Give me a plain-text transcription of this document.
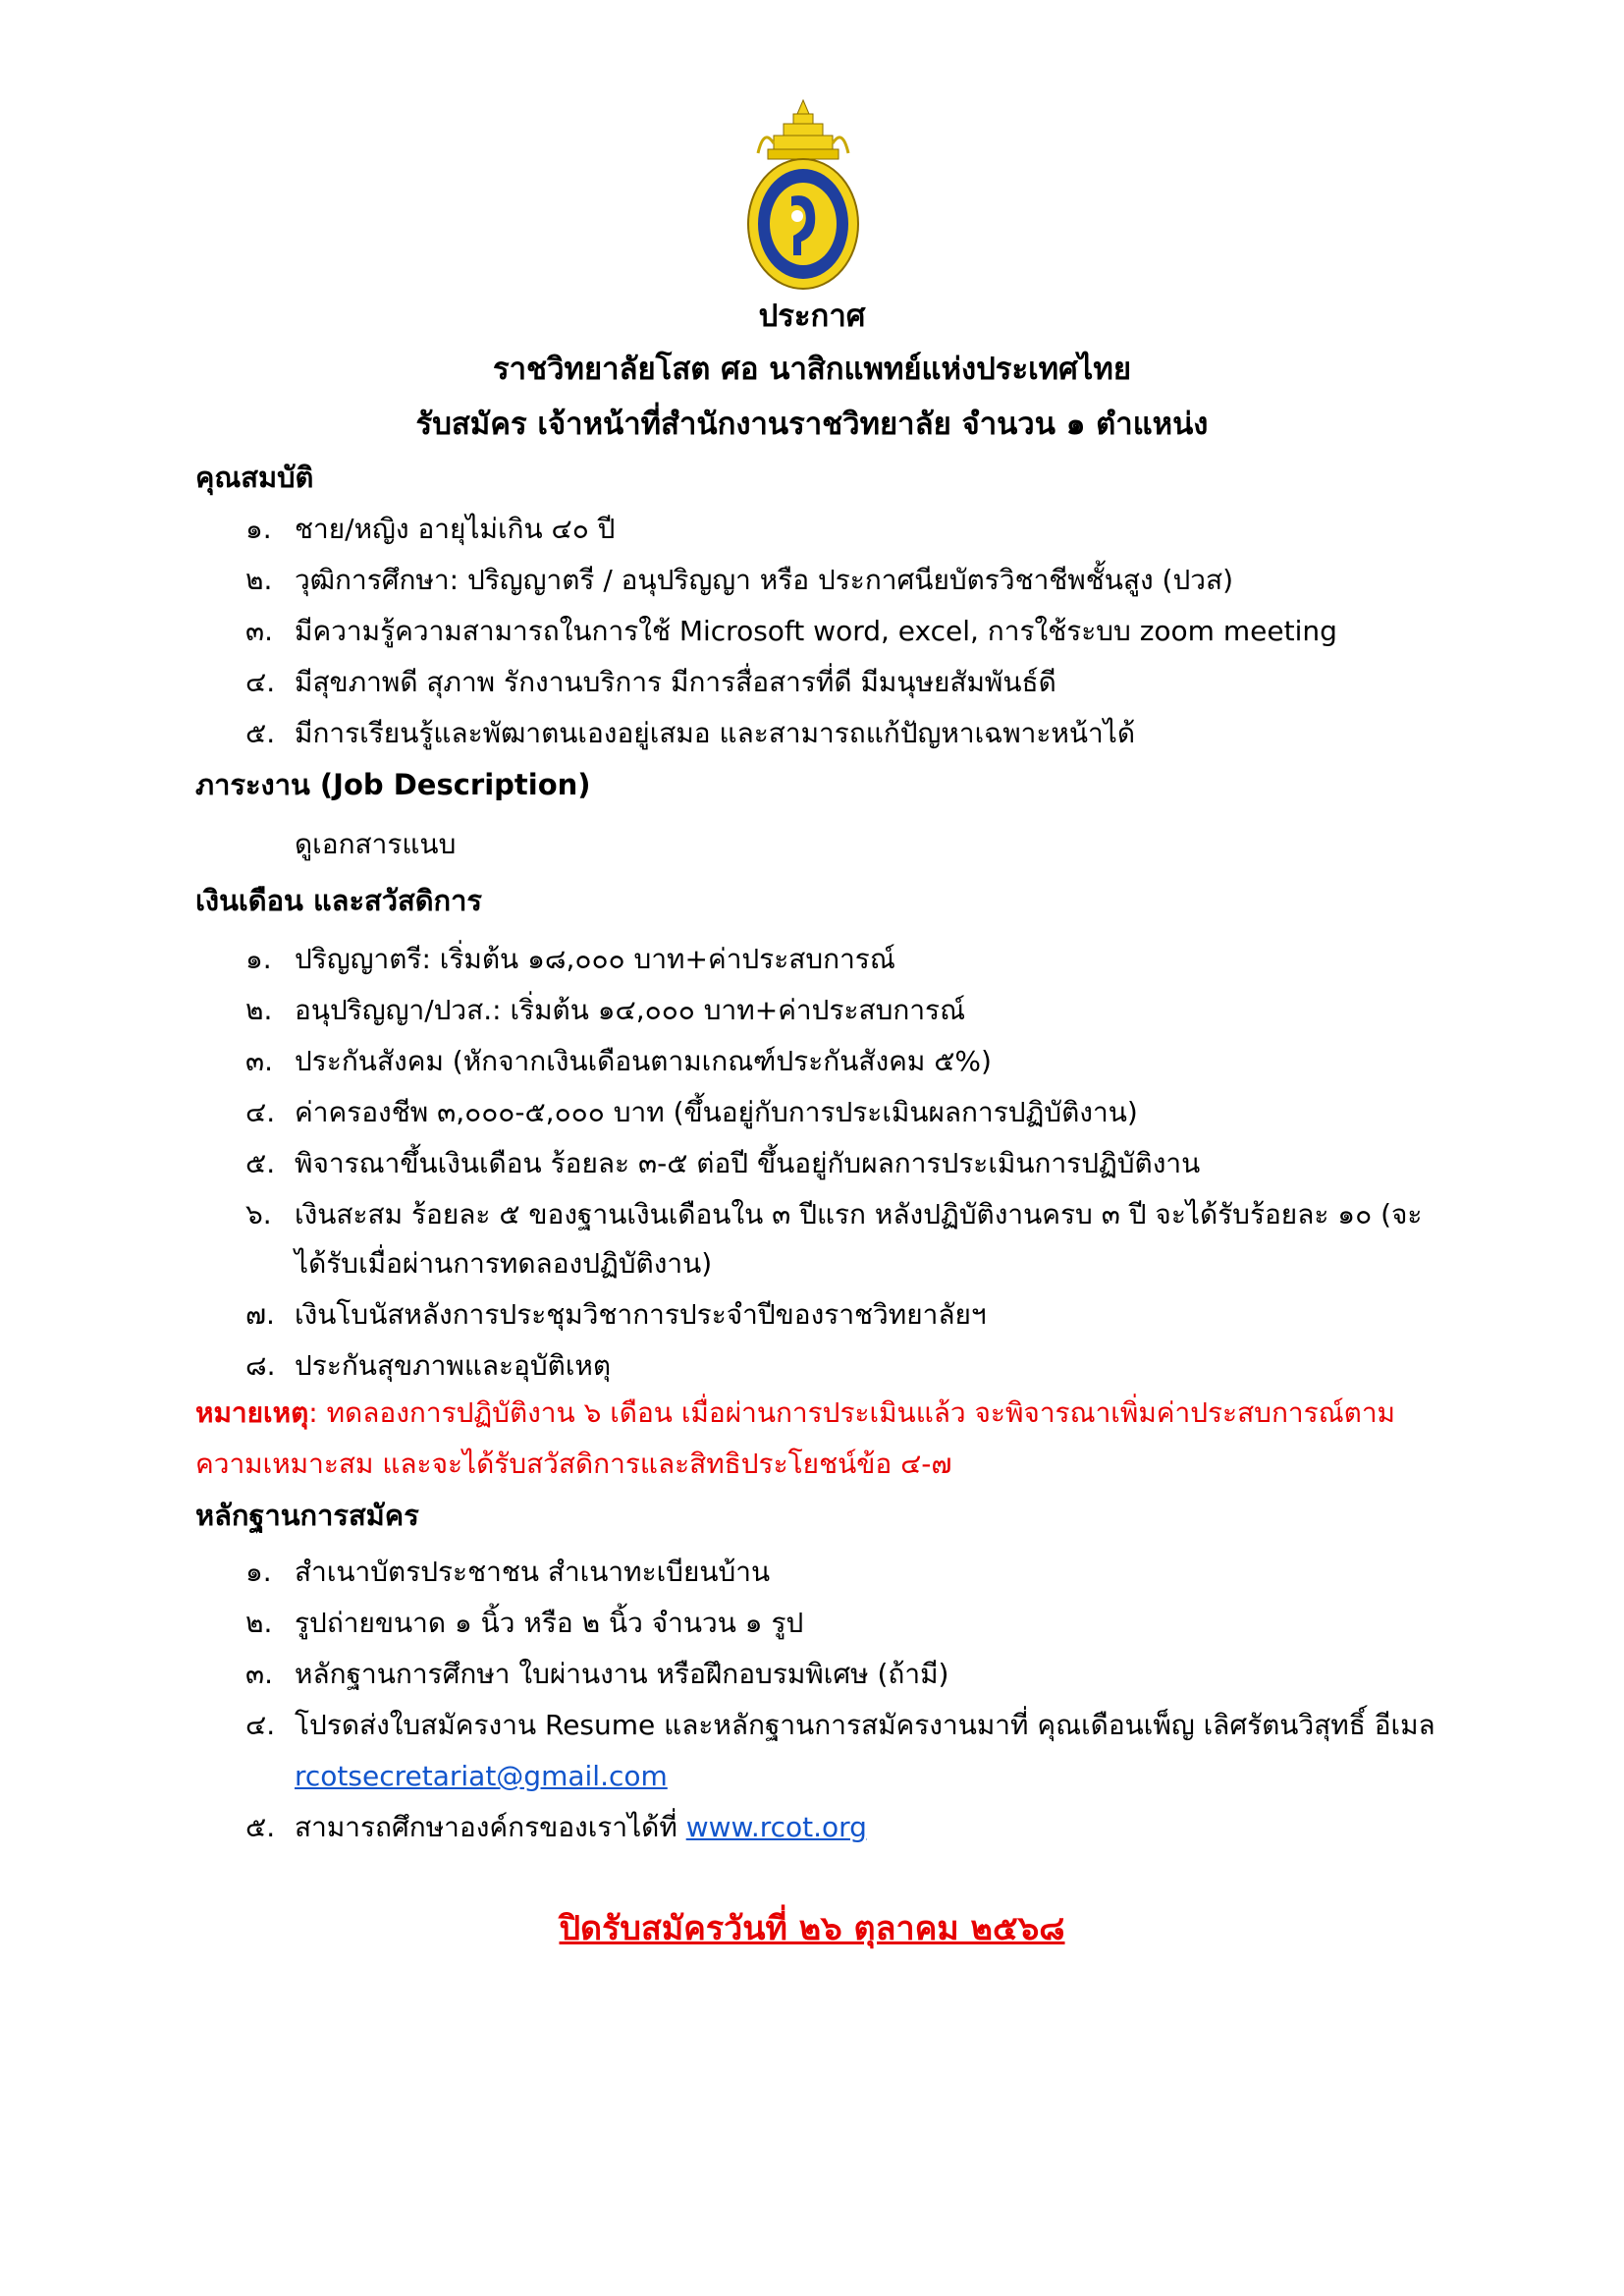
ประกาศ
ราชวิทยาลัยโสต ศอ นาสิกแพทย์แห่งประเทศไทย
รับสมัคร เจ้าหน้าที่สำนักงานราชวิทยาลัย จำนวน ๑ ตำแหน่ง
คุณสมบัติ
๑. ชาย/หญิง อายุไม่เกิน ๔๐ ปี
๒. วุฒิการศึกษา: ปริญญาตรี / อนุปริญญา หรือ ประกาศนียบัตรวิชาชีพชั้นสูง (ปวส)
๓. มีความรู้ความสามารถในการใช้ Microsoft word, excel, การใช้ระบบ zoom meeting
๔. มีสุขภาพดี สุภาพ รักงานบริการ มีการสื่อสารที่ดี มีมนุษยสัมพันธ์ดี
๕. มีการเรียนรู้และพัฒาตนเองอยู่เสมอ และสามารถแก้ปัญหาเฉพาะหน้าได้
ภาระงาน (Job Description)
ดูเอกสารแนบ
เงินเดือน และสวัสดิการ
๑. ปริญญาตรี: เริ่มต้น ๑๘,๐๐๐ บาท+ค่าประสบการณ์
๒. อนุปริญญา/ปวส.: เริ่มต้น ๑๔,๐๐๐ บาท+ค่าประสบการณ์
๓. ประกันสังคม (หักจากเงินเดือนตามเกณฑ์ประกันสังคม ๕%)
๔. ค่าครองชีพ ๓,๐๐๐-๕,๐๐๐ บาท (ขึ้นอยู่กับการประเมินผลการปฏิบัติงาน)
๕. พิจารณาขึ้นเงินเดือน ร้อยละ ๓-๕ ต่อปี ขึ้นอยู่กับผลการประเมินการปฏิบัติงาน
๖. เงินสะสม ร้อยละ ๕ ของฐานเงินเดือนใน ๓ ปีแรก หลังปฏิบัติงานครบ ๓ ปี จะได้รับร้อยละ ๑๐ (จะ
ได้รับเมื่อผ่านการทดลองปฏิบัติงาน)
๗. เงินโบนัสหลังการประชุมวิชาการประจำปีของราชวิทยาลัยฯ
๘. ประกันสุขภาพและอุบัติเหตุ
หมายเหตุ: ทดลองการปฏิบัติงาน ๖ เดือน เมื่อผ่านการประเมินแล้ว จะพิจารณาเพิ่มค่าประสบการณ์ตาม
ความเหมาะสม และจะได้รับสวัสดิการและสิทธิประโยชน์ข้อ ๔-๗
หลักฐานการสมัคร
๑. สำเนาบัตรประชาชน สำเนาทะเบียนบ้าน
๒. รูปถ่ายขนาด ๑ นิ้ว หรือ ๒ นิ้ว จำนวน ๑ รูป
๓. หลักฐานการศึกษา ใบผ่านงาน หรือฝึกอบรมพิเศษ (ถ้ามี)
๔. โปรดส่งใบสมัครงาน Resume และหลักฐานการสมัครงานมาที่ คุณเดือนเพ็ญ เลิศรัตนวิสุทธิ์ อีเมล
rcotsecretariat@gmail.com
๕. สามารถศึกษาองค์กรของเราได้ที่ www.rcot.org
ปิดรับสมัครวันที่ ๒๖ ตุลาคม ๒๕๖๘
